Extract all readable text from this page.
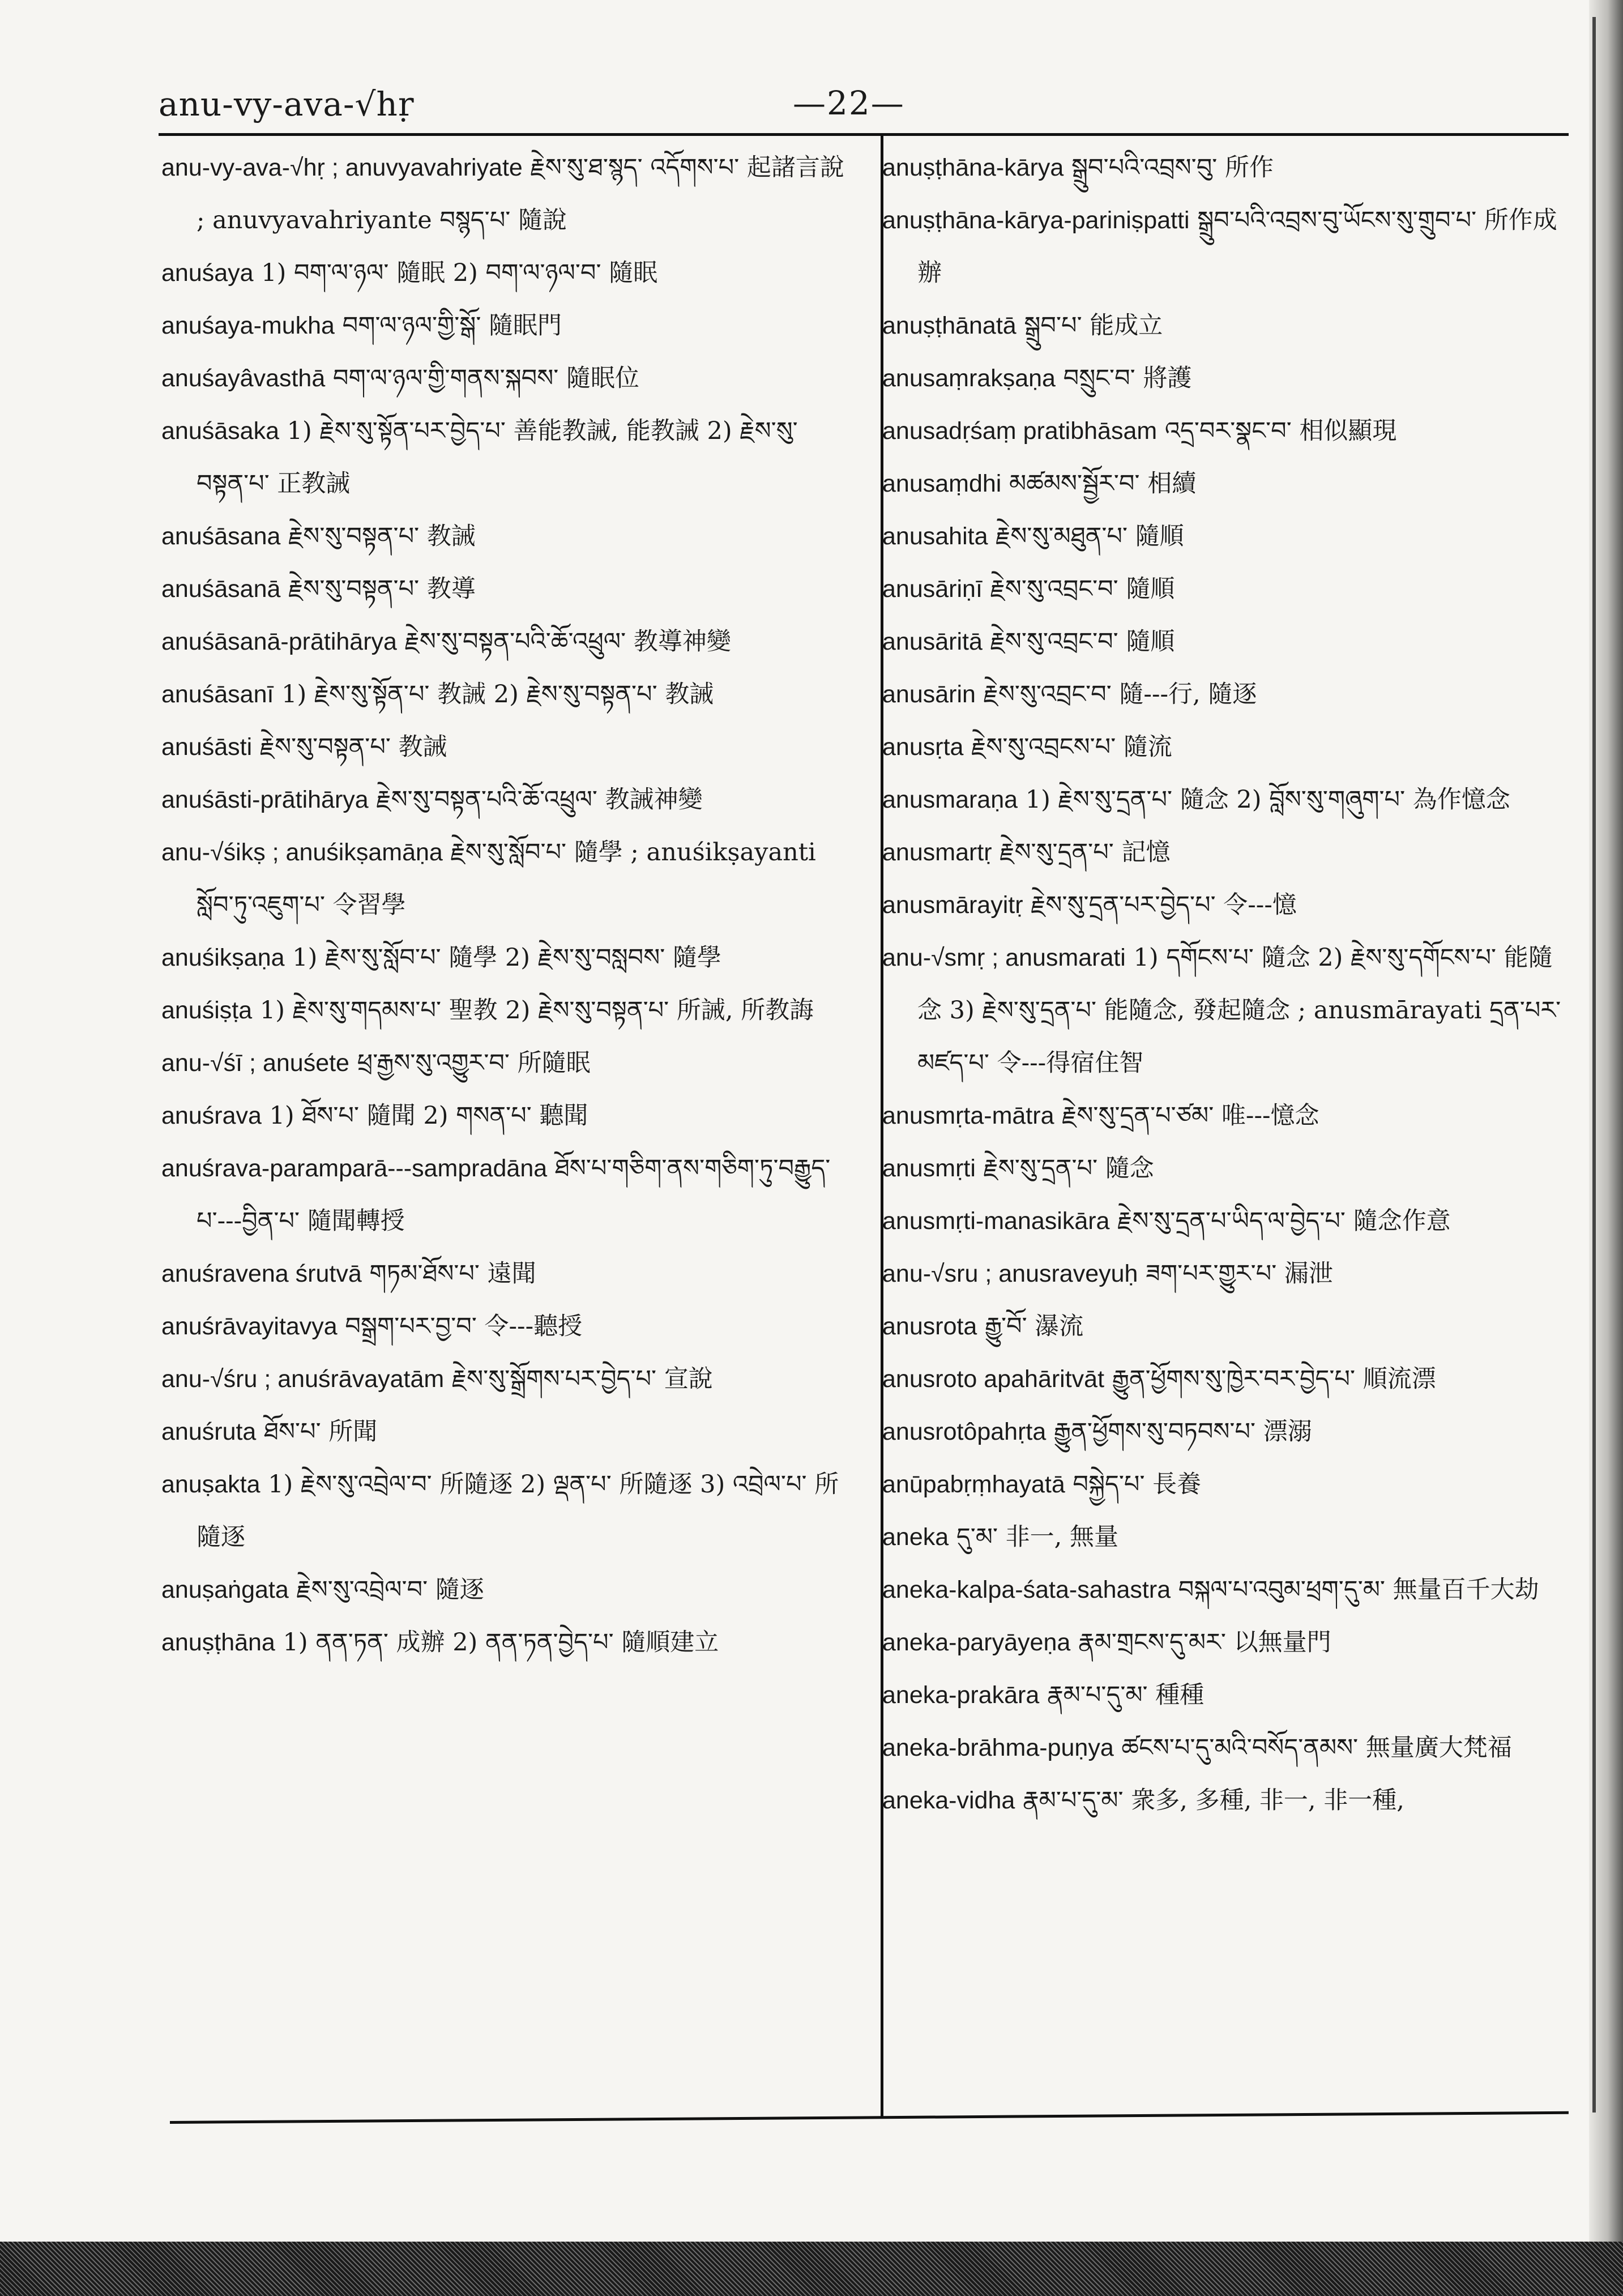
anu-vy-ava-√hṛ	—22—

anu-vy-ava-√hṛ ; anuvyavahriyate རྗེས་སུ་ཐ་སྙད་ འདོགས་པ་ 起諸言說 ; anuvyavahriyante བསྙད་པ་ 隨說

anuśaya 1) བག་ལ་ཉལ་ 隨眠 2) བག་ལ་ཉལ་བ་ 隨眠

anuśaya-mukha བག་ལ་ཉལ་གྱི་སྒོ་ 隨眠門

anuśayâvasthā བག་ལ་ཉལ་གྱི་གནས་སྐབས་ 隨眠位

anuśāsaka 1) རྗེས་སུ་སྟོན་པར་བྱེད་པ་ 善能教誡, 能教誡 2) རྗེས་སུ་བསྟན་པ་ 正教誡

anuśāsana རྗེས་སུ་བསྟན་པ་ 教誡

anuśāsanā རྗེས་སུ་བསྟན་པ་ 教導

anuśāsanā-prātihārya རྗེས་སུ་བསྟན་པའི་ཆོ་འཕྲུལ་ 教導神變

anuśāsanī 1) རྗེས་སུ་སྟོན་པ་ 教誡 2) རྗེས་སུ་བསྟན་པ་ 教誡

anuśāsti རྗེས་སུ་བསྟན་པ་ 教誡

anuśāsti-prātihārya རྗེས་སུ་བསྟན་པའི་ཆོ་འཕྲུལ་ 教誡神變

anu-√śikṣ ; anuśikṣamāṇa རྗེས་སུ་སློབ་པ་ 隨學 ; anuśikṣayanti སློབ་ཏུ་འཇུག་པ་ 令習學

anuśikṣaṇa 1) རྗེས་སུ་སློབ་པ་ 隨學 2) རྗེས་སུ་བསླབས་ 隨學

anuśiṣṭa 1) རྗེས་སུ་གདམས་པ་ 聖教 2) རྗེས་སུ་བསྟན་པ་ 所誡, 所教誨

anu-√śī ; anuśete ཕྲ་རྒྱས་སུ་འགྱུར་བ་ 所隨眠

anuśrava 1) ཐོས་པ་ 隨聞 2) གསན་པ་ 聽聞

anuśrava-paramparā---sampradāna ཐོས་པ་གཅིག་ནས་གཅིག་ཏུ་བརྒྱུད་པ་---བྱིན་པ་ 隨聞轉授

anuśravena śrutvā གཏམ་ཐོས་པ་ 遠聞

anuśrāvayitavya བསྒྲག་པར་བྱ་བ་ 令---聽授

anu-√śru ; anuśrāvayatām རྗེས་སུ་སྒྲོགས་པར་བྱེད་པ་ 宣說

anuśruta ཐོས་པ་ 所聞

anuṣakta 1) རྗེས་སུ་འབྲེལ་བ་ 所隨逐 2) ལྡན་པ་ 所隨逐 3) འབྲེལ་པ་ 所隨逐

anuṣaṅgata རྗེས་སུ་འབྲེལ་བ་ 隨逐

anuṣṭhāna 1) ནན་ཏན་ 成辦 2) ནན་ཏན་བྱེད་པ་ 隨順建立

anuṣṭhāna-kārya སྒྲུབ་པའི་འབྲས་བུ་ 所作

anuṣṭhāna-kārya-pariniṣpatti སྒྲུབ་པའི་འབྲས་བུ་ཡོངས་སུ་གྲུབ་པ་ 所作成辦

anuṣṭhānatā སྒྲུབ་པ་ 能成立

anusaṃrakṣaṇa བསྲུང་བ་ 將護

anusadṛśaṃ pratibhāsam འདྲ་བར་སྣང་བ་ 相似顯現

anusaṃdhi མཚམས་སྦྱོར་བ་ 相續

anusahita རྗེས་སུ་མཐུན་པ་ 隨順

anusāriṇī རྗེས་སུ་འབྲང་བ་ 隨順

anusāritā རྗེས་སུ་འབྲང་བ་ 隨順

anusārin རྗེས་སུ་འབྲང་བ་ 隨---行, 隨逐

anusṛta རྗེས་སུ་འབྲངས་པ་ 隨流

anusmaraṇa 1) རྗེས་སུ་དྲན་པ་ 隨念 2) བློས་སུ་གཞུག་པ་ 為作憶念

anusmartṛ རྗེས་སུ་དྲན་པ་ 記憶

anusmārayitṛ རྗེས་སུ་དྲན་པར་བྱེད་པ་ 令---憶

anu-√smṛ ; anusmarati 1) དགོངས་པ་ 隨念 2) རྗེས་སུ་དགོངས་པ་ 能隨念 3) རྗེས་སུ་དྲན་པ་ 能隨念, 發起隨念 ; anusmārayati དྲན་པར་མཛད་པ་ 令---得宿住智

anusmṛta-mātra རྗེས་སུ་དྲན་པ་ཙམ་ 唯---憶念

anusmṛti རྗེས་སུ་དྲན་པ་ 隨念

anusmṛti-manasikāra རྗེས་སུ་དྲན་པ་ཡིད་ལ་བྱེད་པ་ 隨念作意

anu-√sru ; anusraveyuḥ ཟག་པར་གྱུར་པ་ 漏泄

anusrota རྒྱུ་བོ་ 瀑流

anusroto apahāritvāt རྒྱུན་ཕྱོགས་སུ་ཁྱེར་བར་བྱེད་པ་ 順流漂

anusrotôpahṛta རྒྱུན་ཕྱོགས་སུ་བཏབས་པ་ 漂溺

anūpabṛṃhayatā བསྐྱེད་པ་ 長養

aneka དུ་མ་ 非一, 無量

aneka-kalpa-śata-sahastra བསྐལ་པ་འབུམ་ཕྲག་དུ་མ་ 無量百千大劫

aneka-paryāyeṇa རྣམ་གྲངས་དུ་མར་ 以無量門

aneka-prakāra རྣམ་པ་དུ་མ་ 種種

aneka-brāhma-puṇya ཚངས་པ་དུ་མའི་བསོད་ནམས་ 無量廣大梵福

aneka-vidha རྣམ་པ་དུ་མ་ 衆多, 多種, 非一, 非一種,
